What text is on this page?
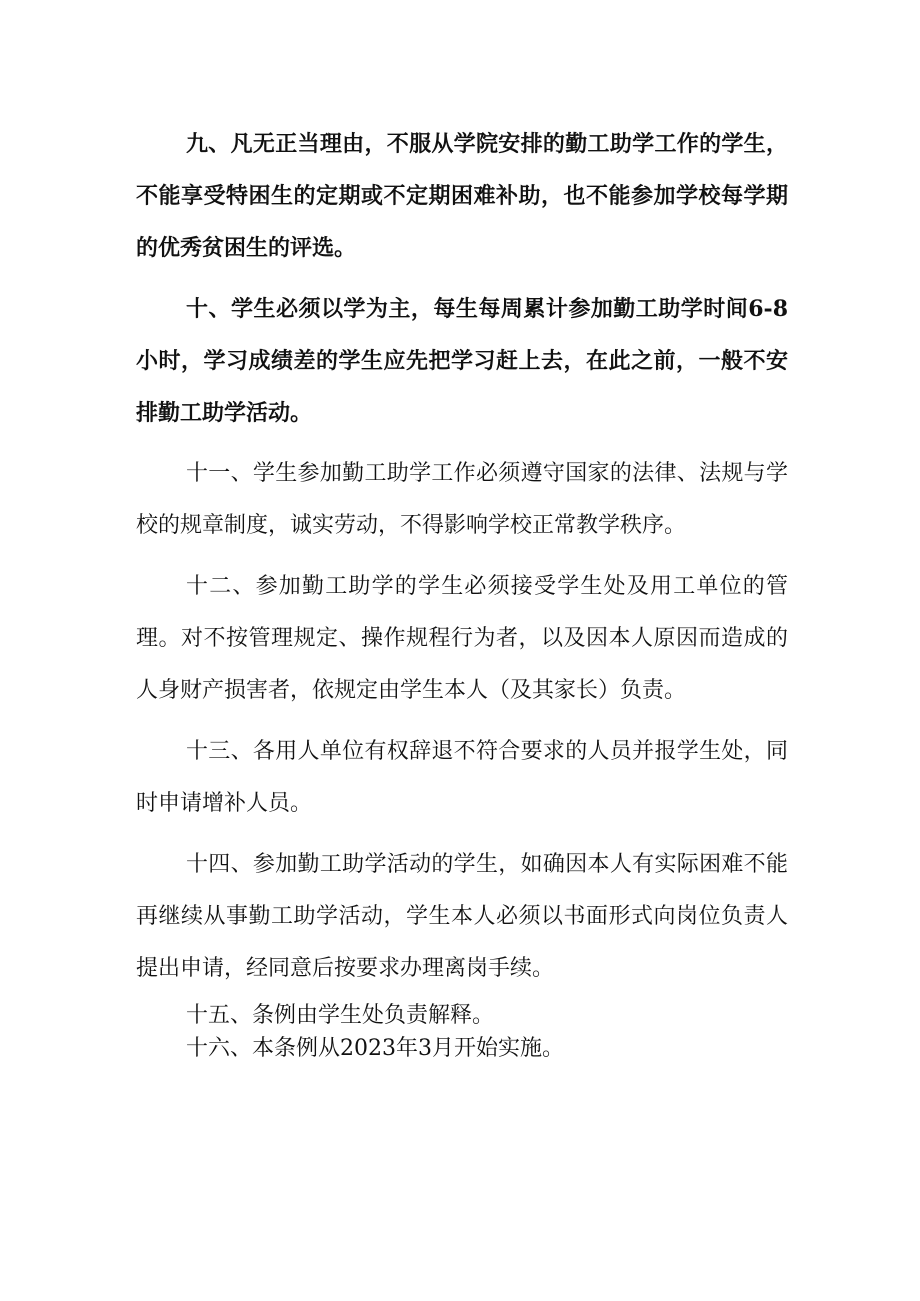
九、凡无正当理由，不服从学院安排的勤工助学工作的学生，不能享受特困生的定期或不定期困难补助，也不能参加学校每学期的优秀贫困生的评选。

十、学生必须以学为主，每生每周累计参加勤工助学时间6-8小时，学习成绩差的学生应先把学习赶上去，在此之前，一般不安排勤工助学活动。

十一、学生参加勤工助学工作必须遵守国家的法律、法规与学校的规章制度，诚实劳动，不得影响学校正常教学秩序。

十二、参加勤工助学的学生必须接受学生处及用工单位的管理。对不按管理规定、操作规程行为者，以及因本人原因而造成的人身财产损害者，依规定由学生本人（及其家长）负责。

十三、各用人单位有权辞退不符合要求的人员并报学生处，同时申请增补人员。

十四、参加勤工助学活动的学生，如确因本人有实际困难不能再继续从事勤工助学活动，学生本人必须以书面形式向岗位负责人提出申请，经同意后按要求办理离岗手续。

十五、条例由学生处负责解释。

十六、本条例从2023年3月开始实施。
